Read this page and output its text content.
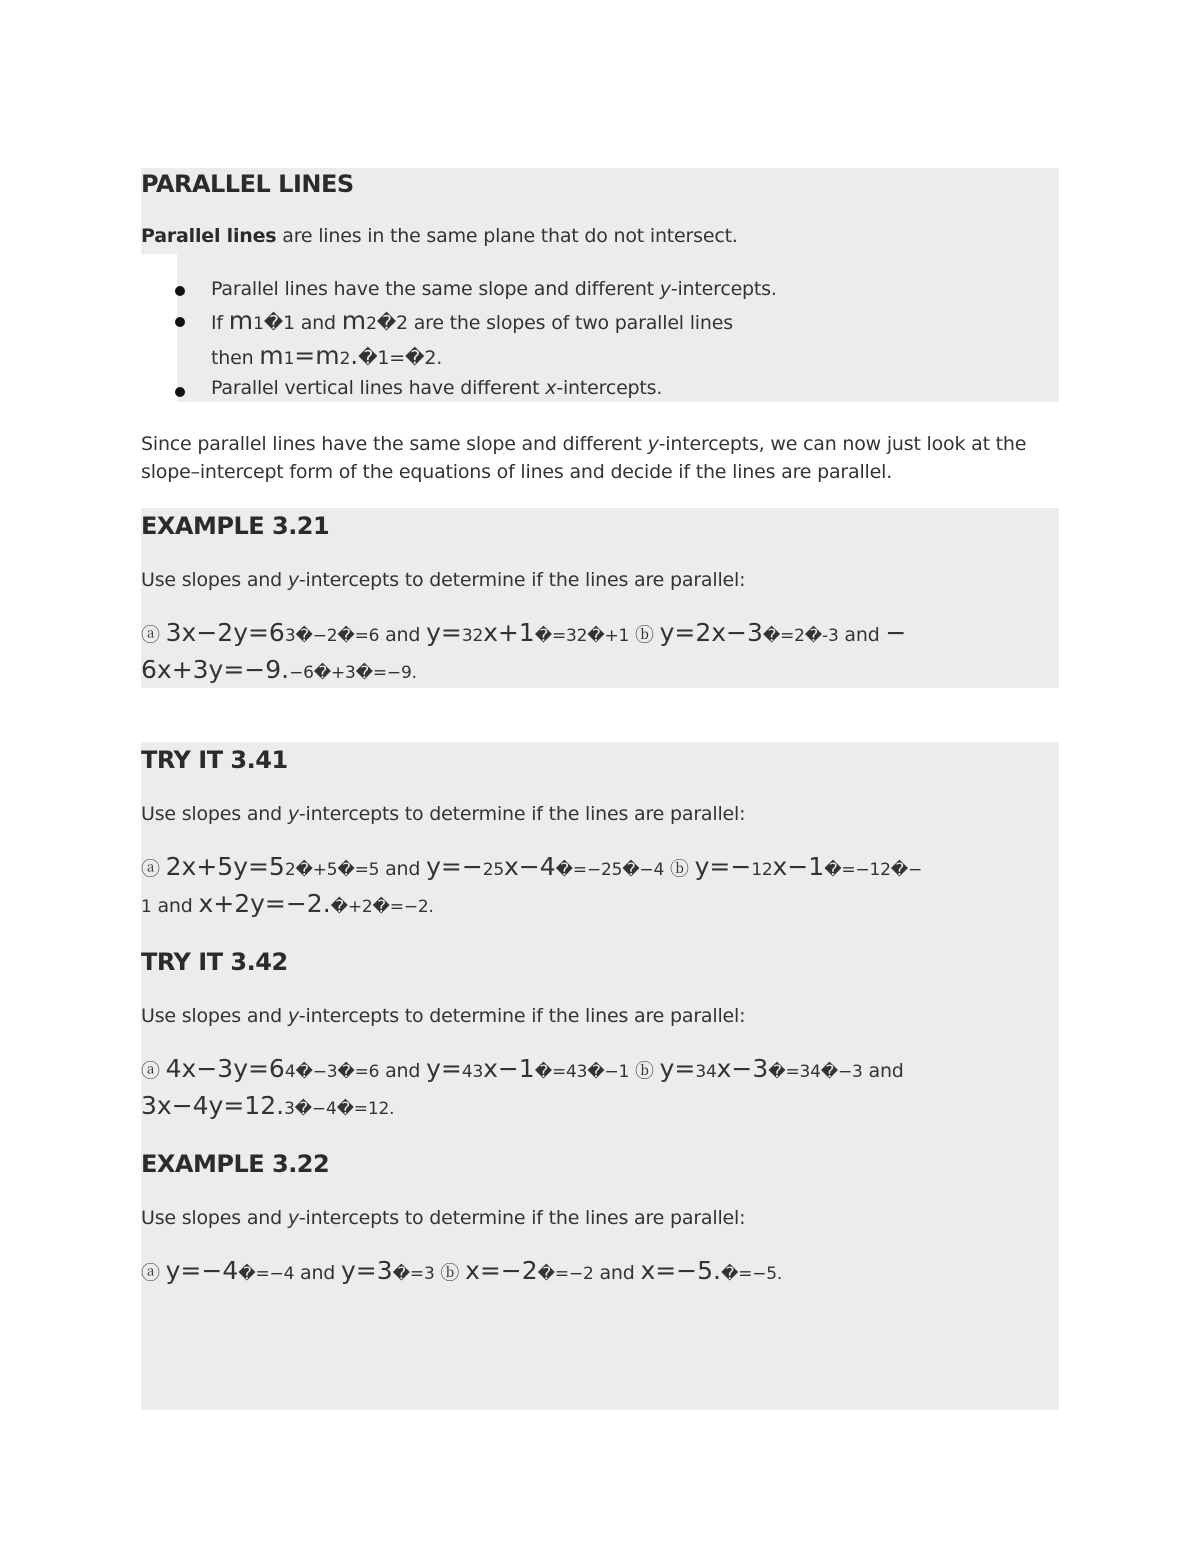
PARALLEL LINES

Parallel lines are lines in the same plane that do not intersect.

Parallel lines have the same slope and different y-intercepts.
If m1�1 and m2�2 are the slopes of two parallel lines
then m1=m2.�1=�2.
Parallel vertical lines have different x-intercepts.

Since parallel lines have the same slope and different y-intercepts, we can now just look at the slope–intercept form of the equations of lines and decide if the lines are parallel.

EXAMPLE 3.21

Use slopes and y-intercepts to determine if the lines are parallel:

ⓐ 3x−2y=63�−2�=6 and y=32x+1�=32�+1 ⓑ y=2x−3�=2�-3 and −
6x+3y=−9.−6�+3�=−9.
TRY IT 3.41

Use slopes and y-intercepts to determine if the lines are parallel:

ⓐ 2x+5y=52�+5�=5 and y=−25x−4�=−25�−4 ⓑ y=−12x−1�=−12�−
1 and x+2y=−2.�+2�=−2.
TRY IT 3.42

Use slopes and y-intercepts to determine if the lines are parallel:

ⓐ 4x−3y=64�−3�=6 and y=43x−1�=43�−1 ⓑ y=34x−3�=34�−3 and
3x−4y=12.3�−4�=12.
EXAMPLE 3.22

Use slopes and y-intercepts to determine if the lines are parallel:

ⓐ y=−4�=−4 and y=3�=3 ⓑ x=−2�=−2 and x=−5.�=−5.
